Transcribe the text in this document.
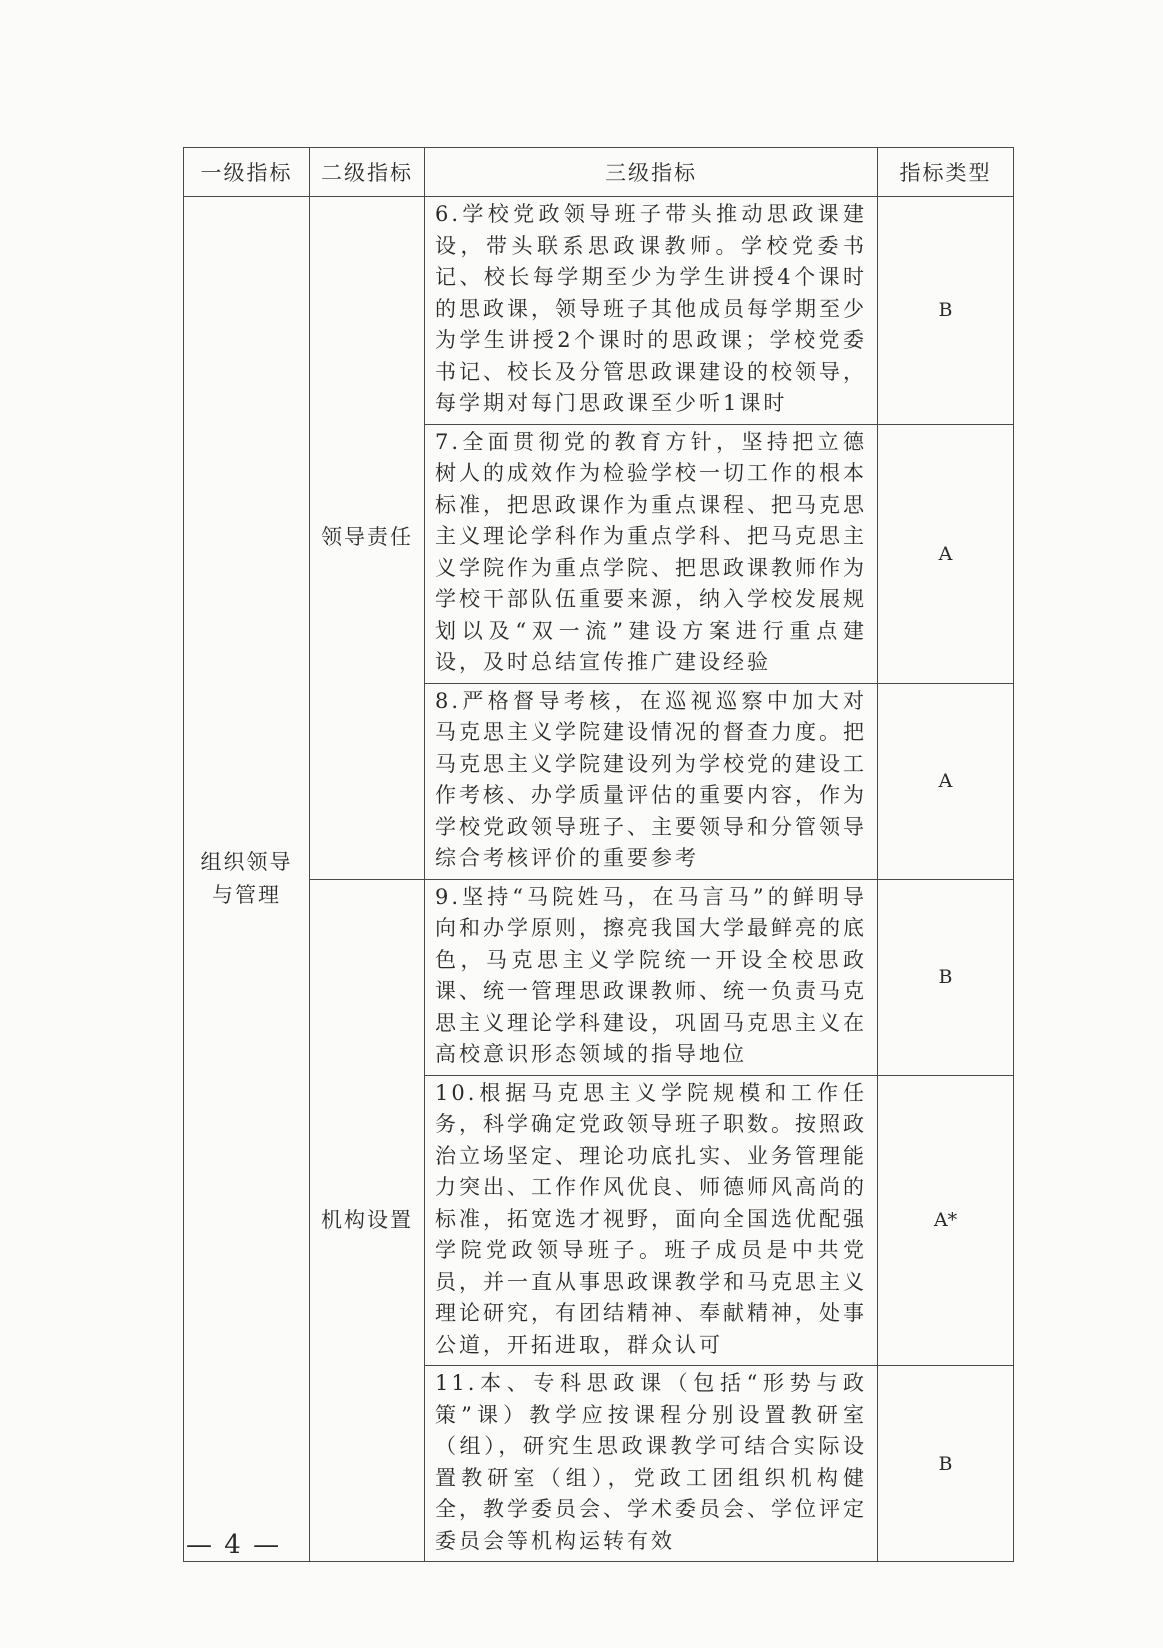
一级指标	二级指标	三级指标	指标类型
组织领导与管理	领导责任	6.学校党政领导班子带头推动思政课建设，带头联系思政课教师。学校党委书记、校长每学期至少为学生讲授4个课时的思政课，领导班子其他成员每学期至少为学生讲授2个课时的思政课；学校党委书记、校长及分管思政课建设的校领导，每学期对每门思政课至少听1课时	B
		7.全面贯彻党的教育方针，坚持把立德树人的成效作为检验学校一切工作的根本标准，把思政课作为重点课程、把马克思主义理论学科作为重点学科、把马克思主义学院作为重点学院、把思政课教师作为学校干部队伍重要来源，纳入学校发展规划以及“双一流”建设方案进行重点建设，及时总结宣传推广建设经验	A
		8.严格督导考核，在巡视巡察中加大对马克思主义学院建设情况的督查力度。把马克思主义学院建设列为学校党的建设工作考核、办学质量评估的重要内容，作为学校党政领导班子、主要领导和分管领导综合考核评价的重要参考	A
	机构设置	9.坚持“马院姓马，在马言马”的鲜明导向和办学原则，擦亮我国大学最鲜亮的底色，马克思主义学院统一开设全校思政课、统一管理思政课教师、统一负责马克思主义理论学科建设，巩固马克思主义在高校意识形态领域的指导地位	B
		10.根据马克思主义学院规模和工作任务，科学确定党政领导班子职数。按照政治立场坚定、理论功底扎实、业务管理能力突出、工作作风优良、师德师风高尚的标准，拓宽选才视野，面向全国选优配强学院党政领导班子。班子成员是中共党员，并一直从事思政课教学和马克思主义理论研究，有团结精神、奉献精神，处事公道，开拓进取，群众认可	A*
		11.本、专科思政课（包括“形势与政策”课）教学应按课程分别设置教研室（组），研究生思政课教学可结合实际设置教研室（组），党政工团组织机构健全，教学委员会、学术委员会、学位评定委员会等机构运转有效	B
— 4 —
